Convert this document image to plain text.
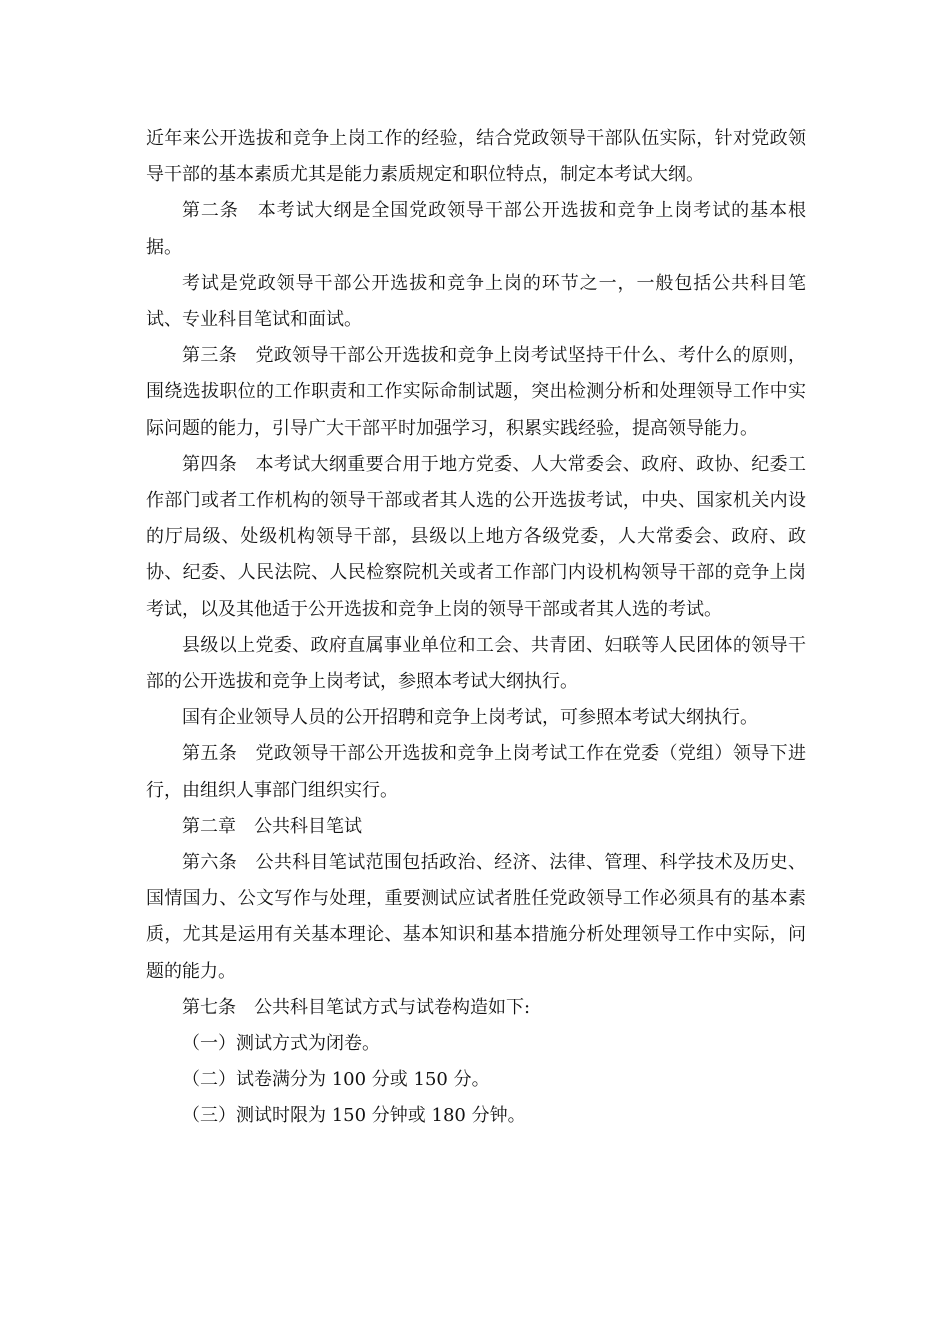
近年来公开选拔和竞争上岗工作的经验，结合党政领导干部队伍实际，针对党政领导干部的基本素质尤其是能力素质规定和职位特点，制定本考试大纲。

第二条　本考试大纲是全国党政领导干部公开选拔和竞争上岗考试的基本根据。

考试是党政领导干部公开选拔和竞争上岗的环节之一，一般包括公共科目笔试、专业科目笔试和面试。

第三条　党政领导干部公开选拔和竞争上岗考试坚持干什么、考什么的原则，围绕选拔职位的工作职责和工作实际命制试题，突出检测分析和处理领导工作中实际问题的能力，引导广大干部平时加强学习，积累实践经验，提高领导能力。

第四条　本考试大纲重要合用于地方党委、人大常委会、政府、政协、纪委工作部门或者工作机构的领导干部或者其人选的公开选拔考试，中央、国家机关内设的厅局级、处级机构领导干部，县级以上地方各级党委，人大常委会、政府、政协、纪委、人民法院、人民检察院机关或者工作部门内设机构领导干部的竞争上岗考试，以及其他适于公开选拔和竞争上岗的领导干部或者其人选的考试。

县级以上党委、政府直属事业单位和工会、共青团、妇联等人民团体的领导干部的公开选拔和竞争上岗考试，参照本考试大纲执行。

国有企业领导人员的公开招聘和竞争上岗考试，可参照本考试大纲执行。

第五条　党政领导干部公开选拔和竞争上岗考试工作在党委（党组）领导下进行，由组织人事部门组织实行。

第二章　公共科目笔试

第六条　公共科目笔试范围包括政治、经济、法律、管理、科学技术及历史、国情国力、公文写作与处理，重要测试应试者胜任党政领导工作必须具有的基本素质，尤其是运用有关基本理论、基本知识和基本措施分析处理领导工作中实际，问题的能力。

第七条　公共科目笔试方式与试卷构造如下:

（一）测试方式为闭卷。

（二）试卷满分为 100 分或 150 分。

（三）测试时限为 150 分钟或 180 分钟。
